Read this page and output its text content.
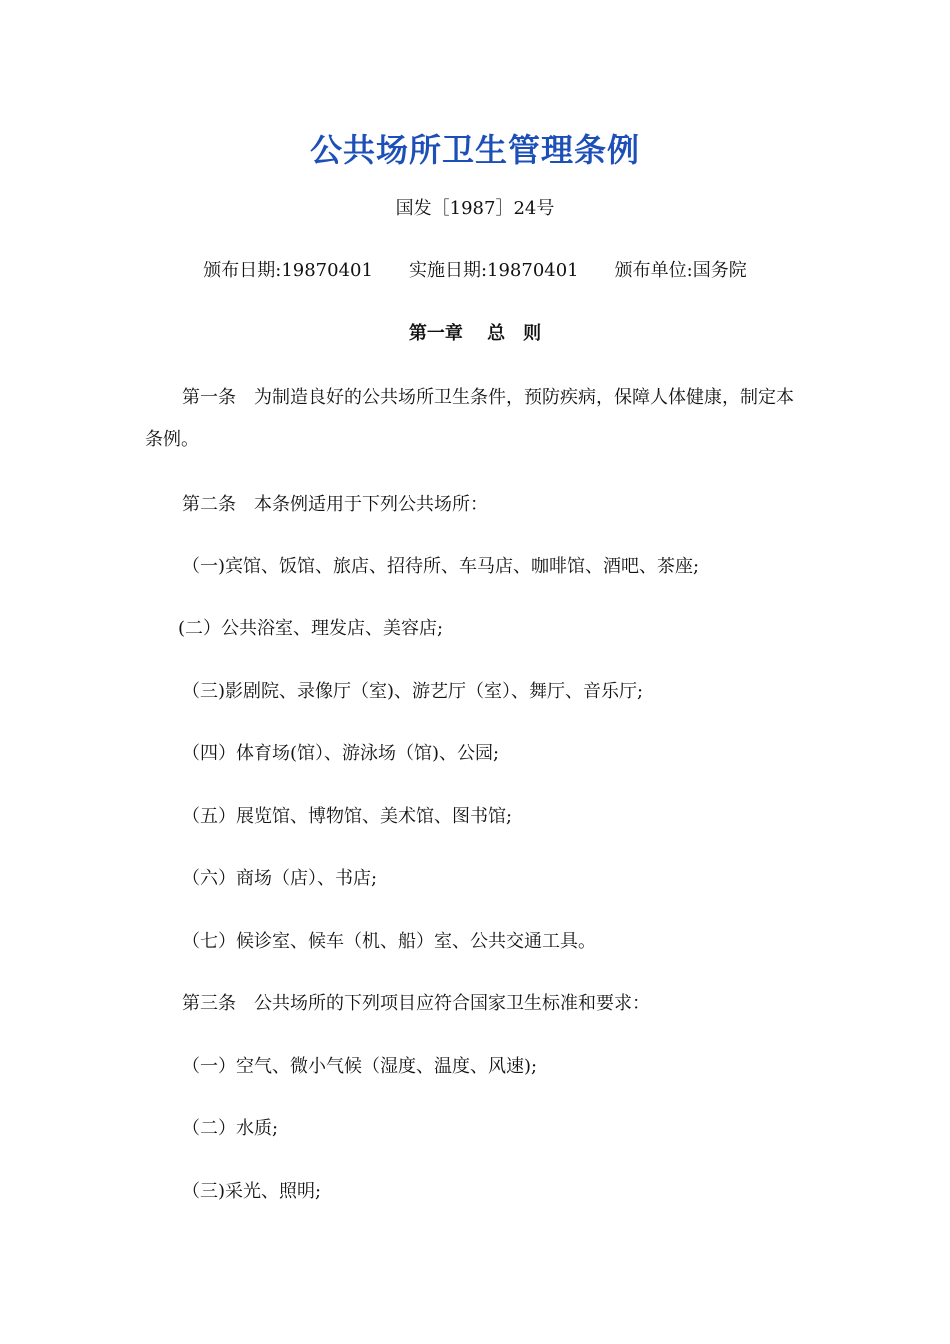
公共场所卫生管理条例
国发［1987］24号
颁布日期:19870401 实施日期:19870401 颁布单位:国务院
第一章　 总　则
第一条　为制造良好的公共场所卫生条件，预防疾病，保障人体健康，制定本条例。
第二条　本条例适用于下列公共场所：
（一)宾馆、饭馆、旅店、招待所、车马店、咖啡馆、酒吧、茶座;
(二）公共浴室、理发店、美容店;
（三)影剧院、录像厅（室)、游艺厅（室）、舞厅、音乐厅;
（四）体育场(馆）、游泳场（馆)、公园;
（五）展览馆、博物馆、美术馆、图书馆;
（六）商场（店）、书店;
（七）候诊室、候车（机、船）室、公共交通工具。
第三条　公共场所的下列项目应符合国家卫生标准和要求：
（一）空气、微小气候（湿度、温度、风速);
（二）水质;
（三)采光、照明;
